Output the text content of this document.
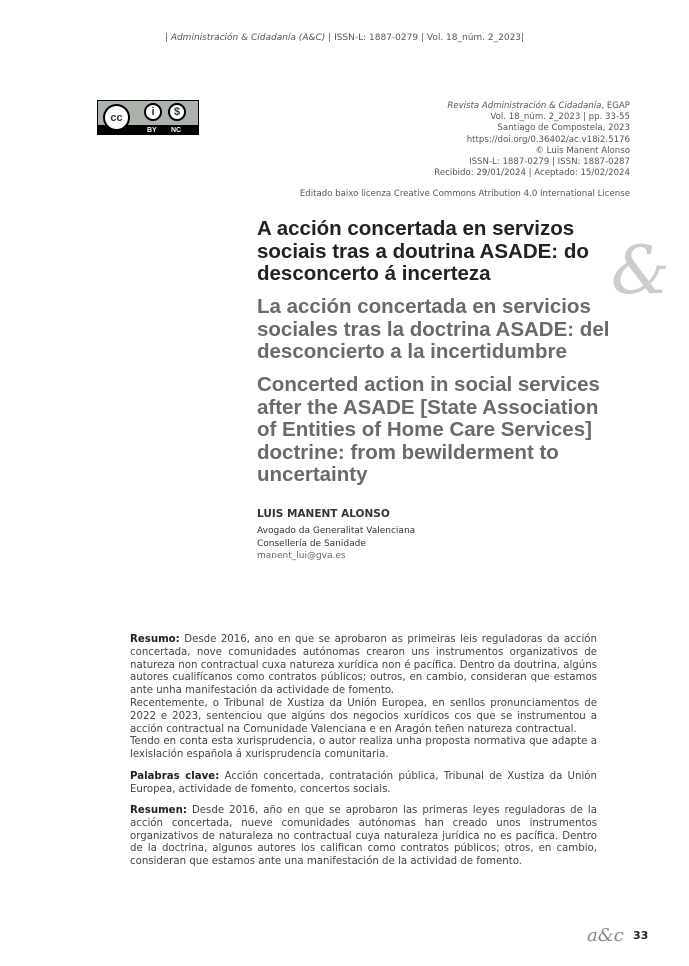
| Administración & Cidadanía (A&C) | ISSN-L: 1887-0279 | Vol. 18_núm. 2_2023|
cc	i	$
BY NC
Revista Administración & Cidadanía, EGAP
Vol. 18_núm. 2_2023 | pp. 33-55
Santiago de Compostela, 2023
https://doi.org/0.36402/ac.v18i2.5176
© Luis Manent Alonso
ISSN-L: 1887-0279 | ISSN: 1887-0287
Recibido: 29/01/2024 | Aceptado: 15/02/2024
Editado baixo licenza Creative Commons Atribution 4.0 International License
A acción concertada en servizos sociais tras a doutrina ASADE: do desconcerto á incerteza
La acción concertada en servicios sociales tras la doctrina ASADE: del desconcierto a la incertidumbre
Concerted action in social services after the ASADE [State Association of Entities of Home Care Services] doctrine: from bewilderment to uncertainty
&
LUIS MANENT ALONSO
Avogado da Generalitat Valenciana
Consellería de Sanidade
manent_lui@gva.es
Resumo: Desde 2016, ano en que se aprobaron as primeiras leis reguladoras da acción concertada, nove comunidades autónomas crearon uns instrumentos organizativos de natureza non contractual cuxa natureza xurídica non é pacífica. Dentro da doutrina, algúns autores cualifícanos como contratos públicos; outros, en cambio, consideran que estamos ante unha manifestación da actividade de fomento.
Recentemente, o Tribunal de Xustiza da Unión Europea, en senllos pronunciamentos de 2022 e 2023, sentenciou que algúns dos negocios xurídicos cos que se instrumentou a acción contractual na Comunidade Valenciana e en Aragón teñen natureza contractual.
Tendo en conta esta xurisprudencia, o autor realiza unha proposta normativa que adapte a lexislación española á xurisprudencia comunitaria.
Palabras clave: Acción concertada, contratación pública, Tribunal de Xustiza da Unión Europea, actividade de fomento, concertos sociais.
Resumen: Desde 2016, año en que se aprobaron las primeras leyes reguladoras de la acción concertada, nueve comunidades autónomas han creado unos instrumentos organizativos de naturaleza no contractual cuya naturaleza jurídica no es pacífica. Dentro de la doctrina, algunos autores los califican como contratos públicos; otros, en cambio, consideran que estamos ante una manifestación de la actividad de fomento.
a&c 33
